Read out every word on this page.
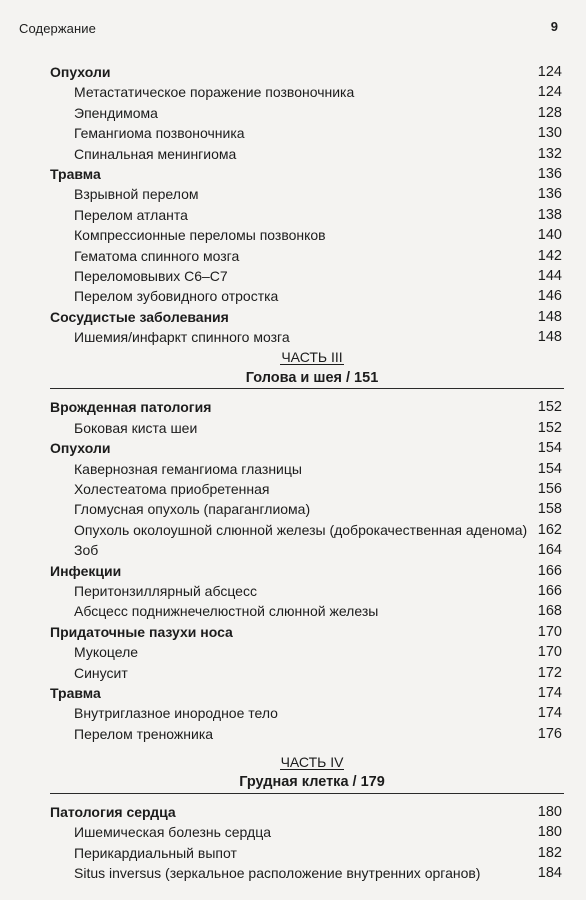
Содержание	9
Опухоли	124
Метастатическое поражение позвоночника	124
Эпендимома	128
Гемангиома позвоночника	130
Спинальная менингиома	132
Травма	136
Взрывной перелом	136
Перелом атланта	138
Компрессионные переломы позвонков	140
Гематома спинного мозга	142
Переломовывих С6–С7	144
Перелом зубовидного отростка	146
Сосудистые заболевания	148
Ишемия/инфаркт спинного мозга	148
ЧАСТЬ III
Голова и шея / 151
Врожденная патология	152
Боковая киста шеи	152
Опухоли	154
Кавернозная гемангиома глазницы	154
Холестеатома приобретенная	156
Гломусная опухоль (параганглиома)	158
Опухоль околоушной слюнной железы (доброкачественная аденома) 162
Зоб	164
Инфекции	166
Перитонзиллярный абсцесс	166
Абсцесс поднижнечелюстной слюнной железы	168
Придаточные пазухи носа	170
Мукоцеле	170
Синусит	172
Травма	174
Внутриглазное инородное тело	174
Перелом треножника	176
ЧАСТЬ IV
Грудная клетка / 179
Патология сердца	180
Ишемическая болезнь сердца	180
Перикардиальный выпот	182
Situs inversus (зеркальное расположение внутренних органов)	184
